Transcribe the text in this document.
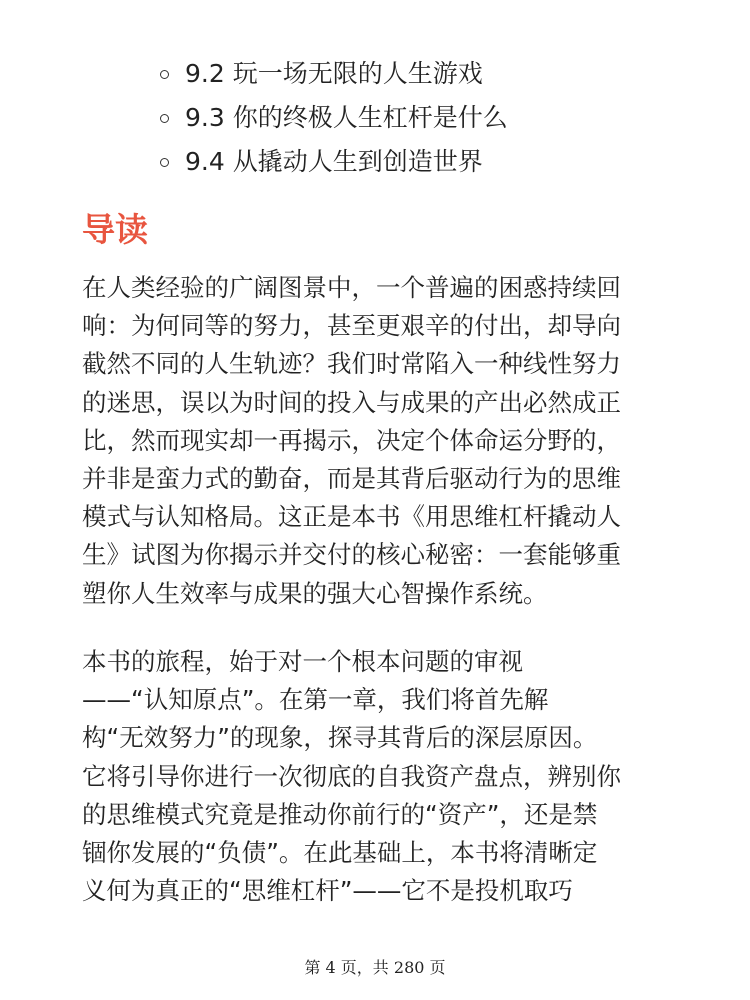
9.2 玩一场无限的人生游戏
9.3 你的终极人生杠杆是什么
9.4 从撬动人生到创造世界
导读

在人类经验的广阔图景中，一个普遍的困惑持续回
响：为何同等的努力，甚至更艰辛的付出，却导向
截然不同的人生轨迹？我们时常陷入一种线性努力
的迷思，误以为时间的投入与成果的产出必然成正
比，然而现实却一再揭示，决定个体命运分野的，
并非是蛮力式的勤奋，而是其背后驱动行为的思维
模式与认知格局。这正是本书《用思维杠杆撬动人
生》试图为你揭示并交付的核心秘密：一套能够重
塑你人生效率与成果的强大心智操作系统。

本书的旅程，始于对一个根本问题的审视
——“认知原点”。在第一章，我们将首先解
构“无效努力”的现象，探寻其背后的深层原因。
它将引导你进行一次彻底的自我资产盘点，辨别你
的思维模式究竟是推动你前行的“资产”，还是禁
锢你发展的“负债”。在此基础上，本书将清晰定
义何为真正的“思维杠杆”——它不是投机取巧

第 4 页，共 280 页
